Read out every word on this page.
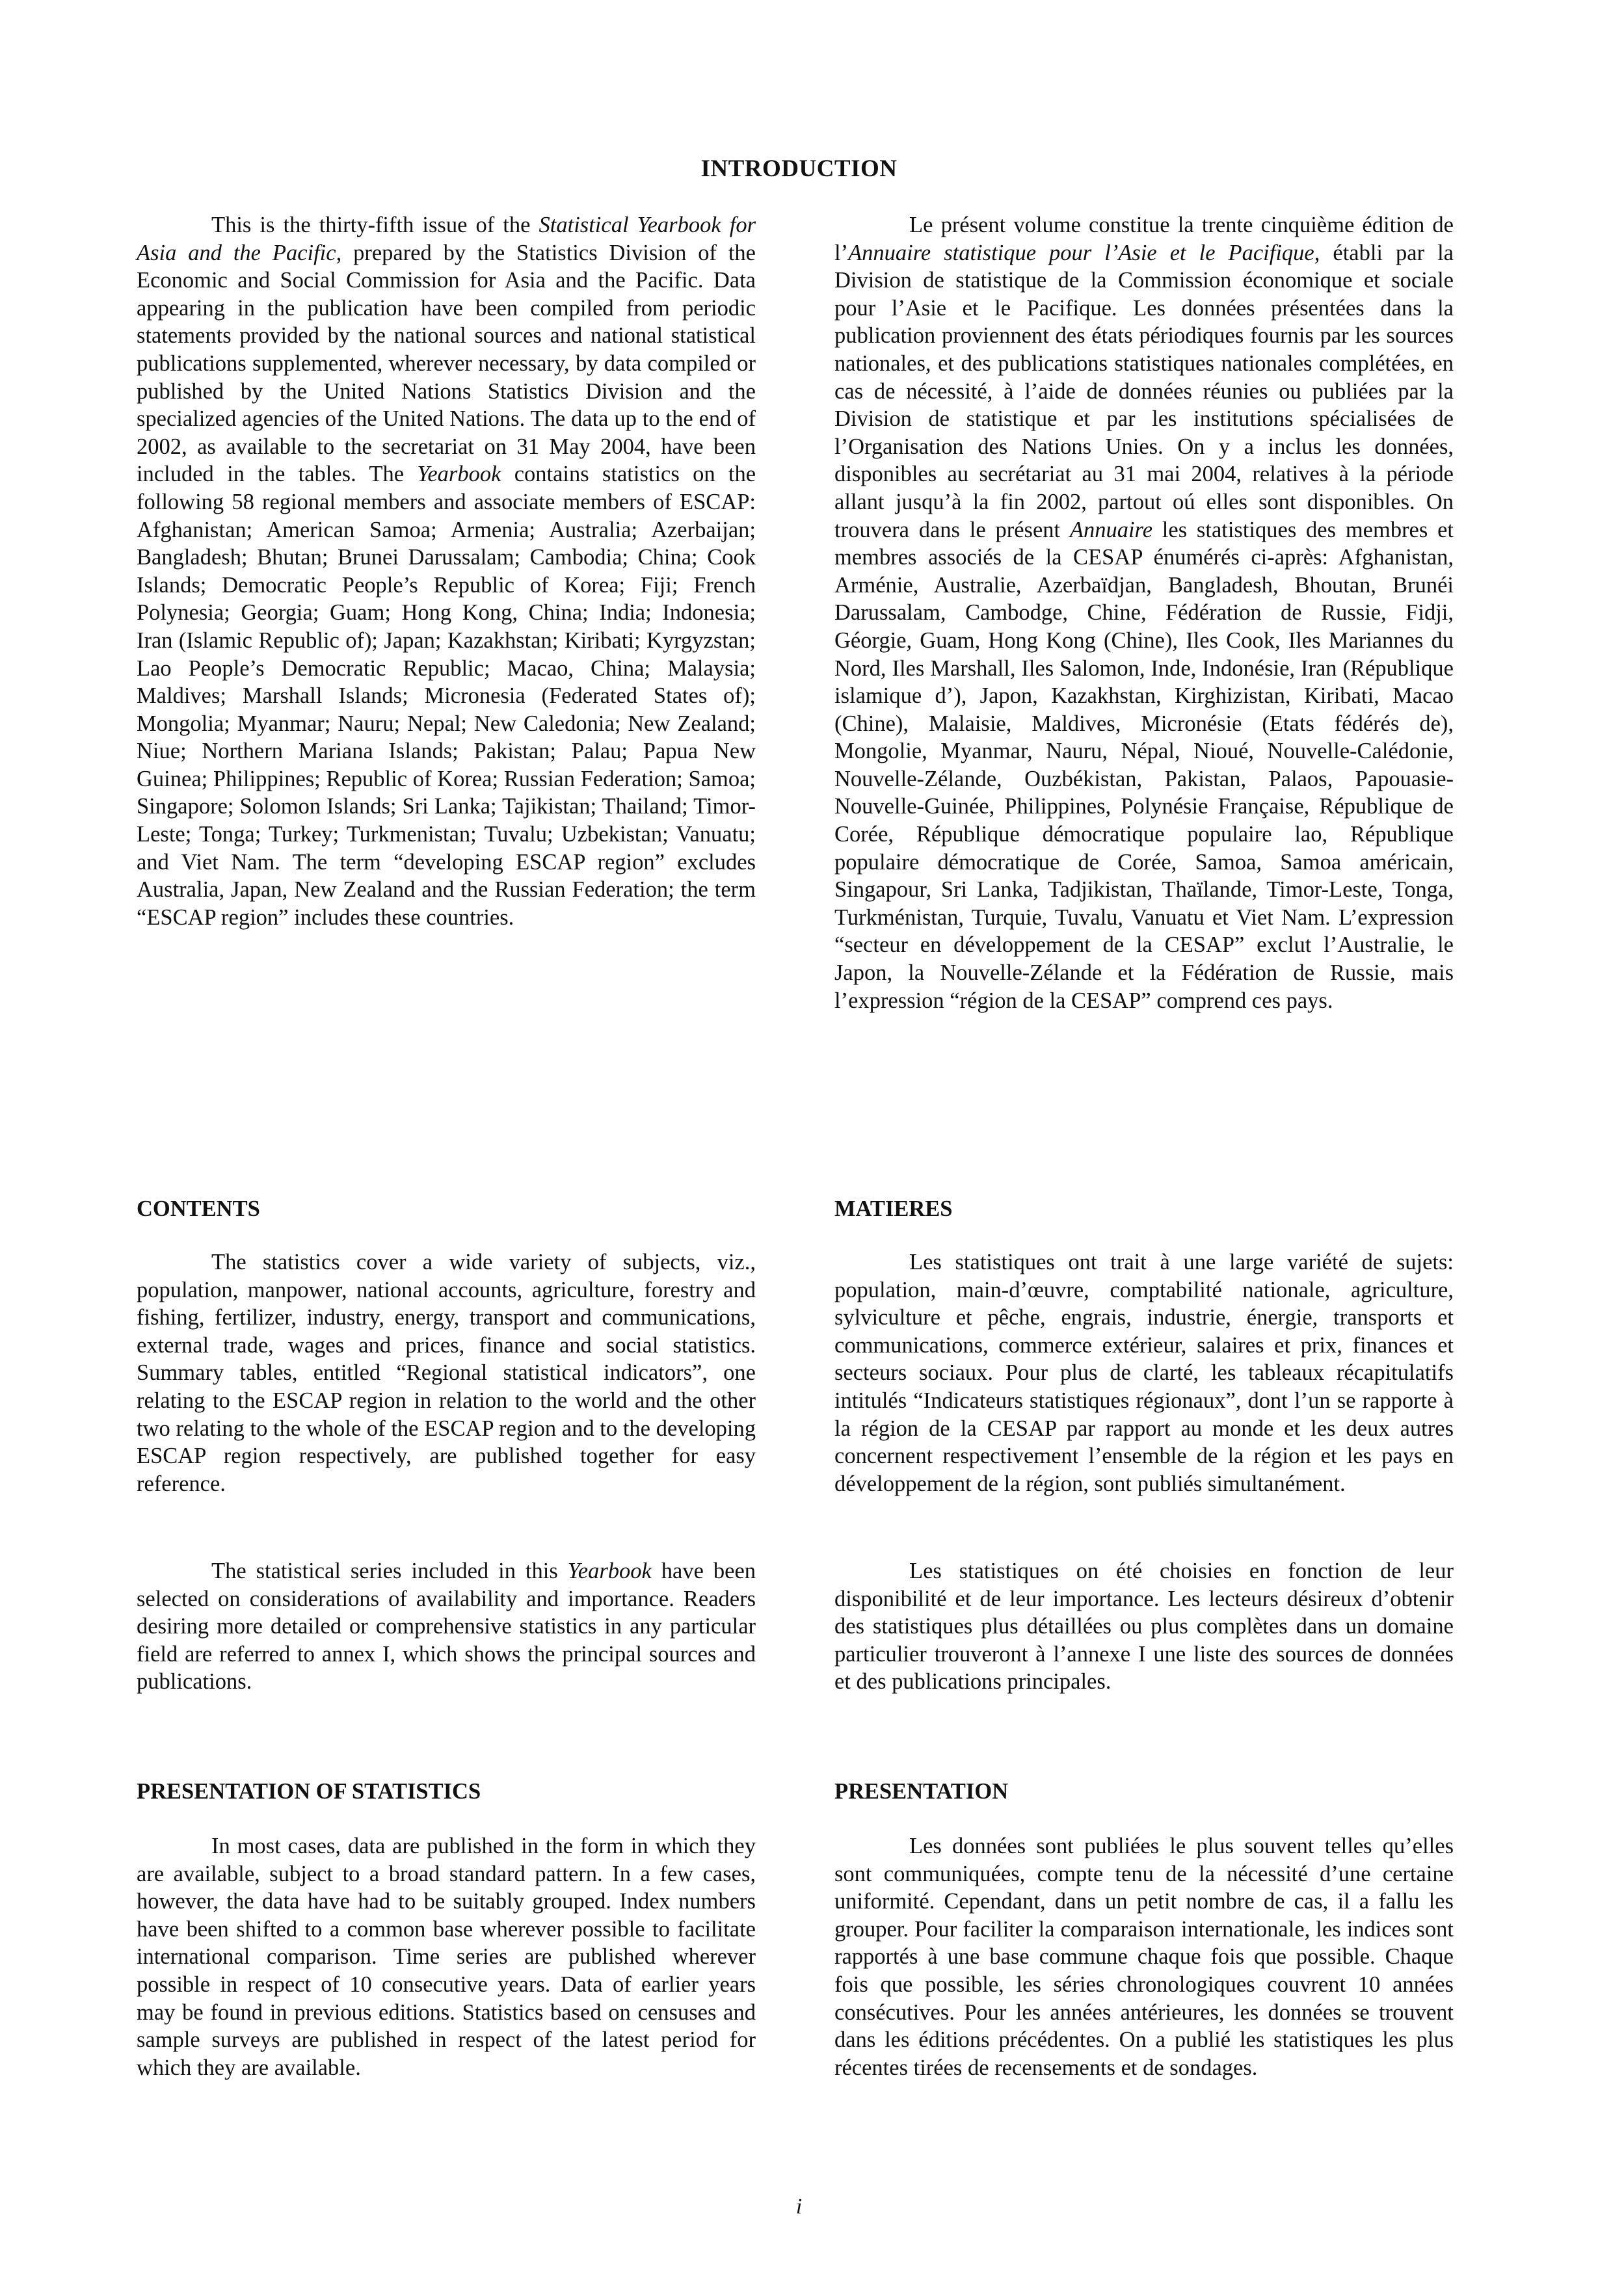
INTRODUCTION

This is the thirty-fifth issue of the Statistical Yearbook for Asia and the Pacific, prepared by the Statistics Division of the Economic and Social Commission for Asia and the Pacific. Data appearing in the publication have been compiled from periodic statements provided by the national sources and national statistical publications supplemented, wherever necessary, by data compiled or published by the United Nations Statistics Division and the specialized agencies of the United Nations. The data up to the end of 2002, as available to the secretariat on 31 May 2004, have been included in the tables. The Yearbook contains statistics on the following 58 regional members and associate members of ESCAP: Afghanistan; American Samoa; Armenia; Australia; Azerbaijan; Bangladesh; Bhutan; Brunei Darussalam; Cambodia; China; Cook Islands; Democratic People’s Republic of Korea; Fiji; French Polynesia; Georgia; Guam; Hong Kong, China; India; Indonesia; Iran (Islamic Republic of); Japan; Kazakhstan; Kiribati; Kyrgyzstan; Lao People’s Democratic Republic; Macao, China; Malaysia; Maldives; Marshall Islands; Micronesia (Federated States of); Mongolia; Myanmar; Nauru; Nepal; New Caledonia; New Zealand; Niue; Northern Mariana Islands; Pakistan; Palau; Papua New Guinea; Philippines; Republic of Korea; Russian Federation; Samoa; Singapore; Solomon Islands; Sri Lanka; Tajikistan; Thailand; Timor-Leste; Tonga; Turkey; Turkmenistan; Tuvalu; Uzbekistan; Vanuatu; and Viet Nam. The term “developing ESCAP region” excludes Australia, Japan, New Zealand and the Russian Federation; the term “ESCAP region” includes these countries.

Le présent volume constitue la trente cinquième édition de l’Annuaire statistique pour l’Asie et le Pacifique, établi par la Division de statistique de la Commission économique et sociale pour l’Asie et le Pacifique. Les données présentées dans la publication proviennent des états périodiques fournis par les sources nationales, et des publications statistiques nationales complétées, en cas de nécessité, à l’aide de données réunies ou publiées par la Division de statistique et par les institutions spécialisées de l’Organisation des Nations Unies. On y a inclus les données, disponibles au secrétariat au 31 mai 2004, relatives à la période allant jusqu’à la fin 2002, partout oú elles sont disponibles. On trouvera dans le présent Annuaire les statistiques des membres et membres associés de la CESAP énumérés ci-après: Afghanistan, Arménie, Australie, Azerbaïdjan, Bangladesh, Bhoutan, Brunéi Darussalam, Cambodge, Chine, Fédération de Russie, Fidji, Géorgie, Guam, Hong Kong (Chine), Iles Cook, Iles Mariannes du Nord, Iles Marshall, Iles Salomon, Inde, Indonésie, Iran (République islamique d’), Japon, Kazakhstan, Kirghizistan, Kiribati, Macao (Chine), Malaisie, Maldives, Micronésie (Etats fédérés de), Mongolie, Myanmar, Nauru, Népal, Nioué, Nouvelle-Calédonie, Nouvelle-Zélande, Ouzbékistan, Pakistan, Palaos, Papouasie-Nouvelle-Guinée, Philippines, Polynésie Française, République de Corée, République démocratique populaire lao, République populaire démocratique de Corée, Samoa, Samoa américain, Singapour, Sri Lanka, Tadjikistan, Thaïlande, Timor-Leste, Tonga, Turkménistan, Turquie, Tuvalu, Vanuatu et Viet Nam. L’expression “secteur en développement de la CESAP” exclut l’Australie, le Japon, la Nouvelle-Zélande et la Fédération de Russie, mais l’expression “région de la CESAP” comprend ces pays.

CONTENTS

The statistics cover a wide variety of subjects, viz., population, manpower, national accounts, agriculture, forestry and fishing, fertilizer, industry, energy, transport and communications, external trade, wages and prices, finance and social statistics. Summary tables, entitled “Regional statistical indicators”, one relating to the ESCAP region in relation to the world and the other two relating to the whole of the ESCAP region and to the developing ESCAP region respectively, are published together for easy reference.

The statistical series included in this Yearbook have been selected on considerations of availability and importance. Readers desiring more detailed or comprehensive statistics in any particular field are referred to annex I, which shows the principal sources and publications.

MATIERES

Les statistiques ont trait à une large variété de sujets: population, main-d’œuvre, comptabilité nationale, agriculture, sylviculture et pêche, engrais, industrie, énergie, transports et communications, commerce extérieur, salaires et prix, finances et secteurs sociaux. Pour plus de clarté, les tableaux récapitulatifs intitulés “Indicateurs statistiques régionaux”, dont l’un se rapporte à la région de la CESAP par rapport au monde et les deux autres concernent respectivement l’ensemble de la région et les pays en développement de la région, sont publiés simultanément.

Les statistiques on été choisies en fonction de leur disponibilité et de leur importance. Les lecteurs désireux d’obtenir des statistiques plus détaillées ou plus complètes dans un domaine particulier trouveront à l’annexe I une liste des sources de données et des publications principales.

PRESENTATION OF STATISTICS

In most cases, data are published in the form in which they are available, subject to a broad standard pattern. In a few cases, however, the data have had to be suitably grouped. Index numbers have been shifted to a common base wherever possible to facilitate international comparison. Time series are published wherever possible in respect of 10 consecutive years. Data of earlier years may be found in previous editions. Statistics based on censuses and sample surveys are published in respect of the latest period for which they are available.

PRESENTATION

Les données sont publiées le plus souvent telles qu’elles sont communiquées, compte tenu de la nécessité d’une certaine uniformité. Cependant, dans un petit nombre de cas, il a fallu les grouper. Pour faciliter la comparaison internationale, les indices sont rapportés à une base commune chaque fois que possible. Chaque fois que possible, les séries chronologiques couvrent 10 années consécutives. Pour les années antérieures, les données se trouvent dans les éditions précédentes. On a publié les statistiques les plus récentes tirées de recensements et de sondages.

i
